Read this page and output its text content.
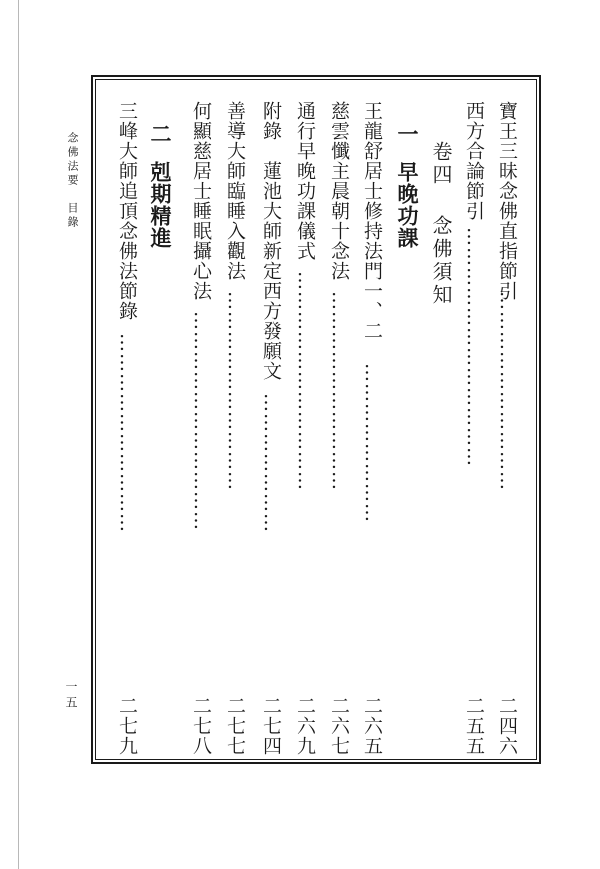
念佛法要目錄
一五
寶王三昧念佛直指節引
…………………………
二四六
西方合論節引
………………………………
二五五
卷四念佛須知
一早晚功課
王龍舒居士修持法門一、二
……………………
二六五
慈雲懺主晨朝十念法
…………………………
二六七
通行早晚功課儀式
……………………………
二六九
附錄　蓮池大師新定西方發願文
…………………
二七四
善導大師臨睡入觀法
…………………………
二七七
何顯慈居士睡眠攝心法
……………………………
二七八
二剋期精進
三峰大師追頂念佛法節錄
…………………………
二七九
